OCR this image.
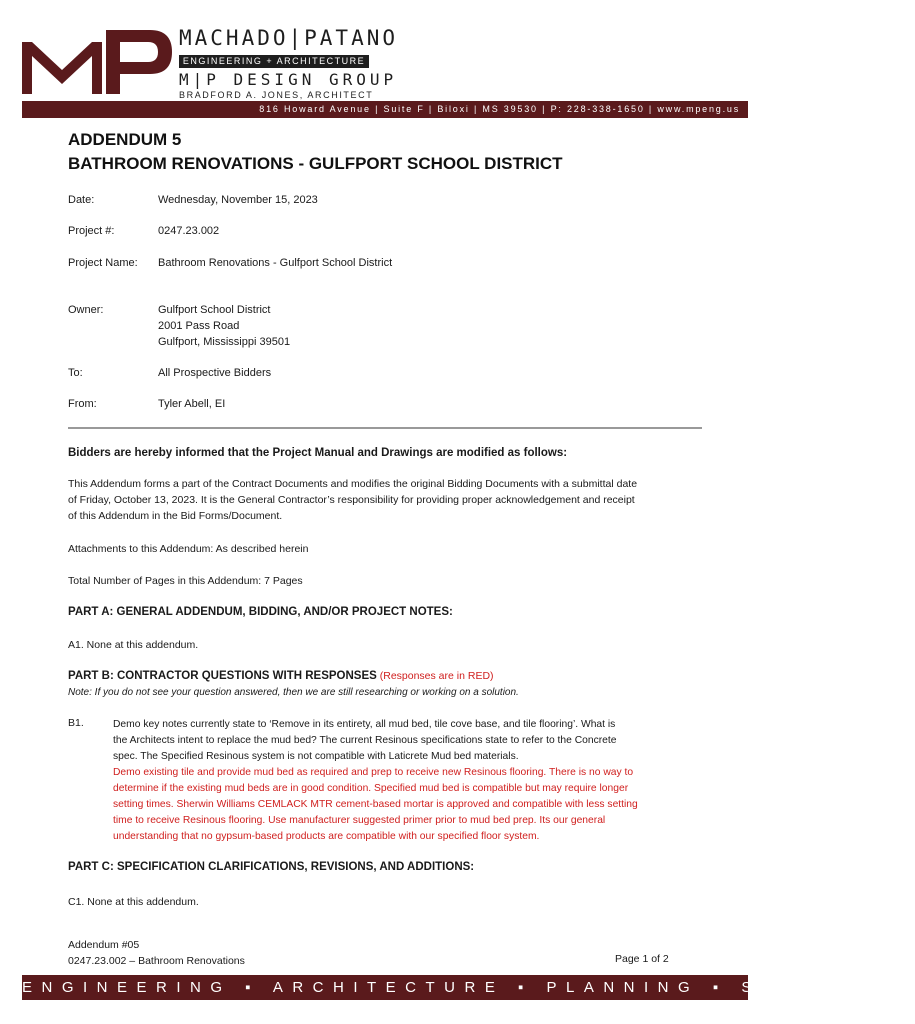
MACHADO|PATANO
ENGINEERING + ARCHITECTURE
M|P DESIGN GROUP
BRADFORD A. JONES, ARCHITECT
816 Howard Avenue | Suite F | Biloxi | MS 39530 | P: 228-338-1650 | www.mpeng.us
ADDENDUM 5
BATHROOM RENOVATIONS - GULFPORT SCHOOL DISTRICT
Date:	Wednesday, November 15, 2023
Project #:	0247.23.002
Project Name: Bathroom Renovations - Gulfport School District
Owner:	Gulfport School District
2001 Pass Road
Gulfport, Mississippi 39501
To:	All Prospective Bidders
From:	Tyler Abell, EI
Bidders are hereby informed that the Project Manual and Drawings are modified as follows:
This Addendum forms a part of the Contract Documents and modifies the original Bidding Documents with a submittal date
of Friday, October 13, 2023. It is the General Contractor’s responsibility for providing proper acknowledgement and receipt
of this Addendum in the Bid Forms/Document.
Attachments to this Addendum: As described herein
Total Number of Pages in this Addendum: 7 Pages
PART A: GENERAL ADDENDUM, BIDDING, AND/OR PROJECT NOTES:
A1. None at this addendum.
PART B: CONTRACTOR QUESTIONS WITH RESPONSES (Responses are in RED)
Note: If you do not see your question answered, then we are still researching or working on a solution.
B1.	Demo key notes currently state to ‘Remove in its entirety, all mud bed, tile cove base, and tile flooring’. What is
the Architects intent to replace the mud bed? The current Resinous specifications state to refer to the Concrete
spec. The Specified Resinous system is not compatible with Laticrete Mud bed materials.
Demo existing tile and provide mud bed as required and prep to receive new Resinous flooring. There is no way to
determine if the existing mud beds are in good condition. Specified mud bed is compatible but may require longer
setting times. Sherwin Williams CEMLACK MTR cement-based mortar is approved and compatible with less setting
time to receive Resinous flooring. Use manufacturer suggested primer prior to mud bed prep. Its our general
understanding that no gypsum-based products are compatible with our specified floor system.
PART C: SPECIFICATION CLARIFICATIONS, REVISIONS, AND ADDITIONS:
C1. None at this addendum.
Addendum #05
0247.23.002 – Bathroom Renovations	Page 1 of 2
ENGINEERING ▪ ARCHITECTURE ▪ PLANNING ▪ SURVEYING
